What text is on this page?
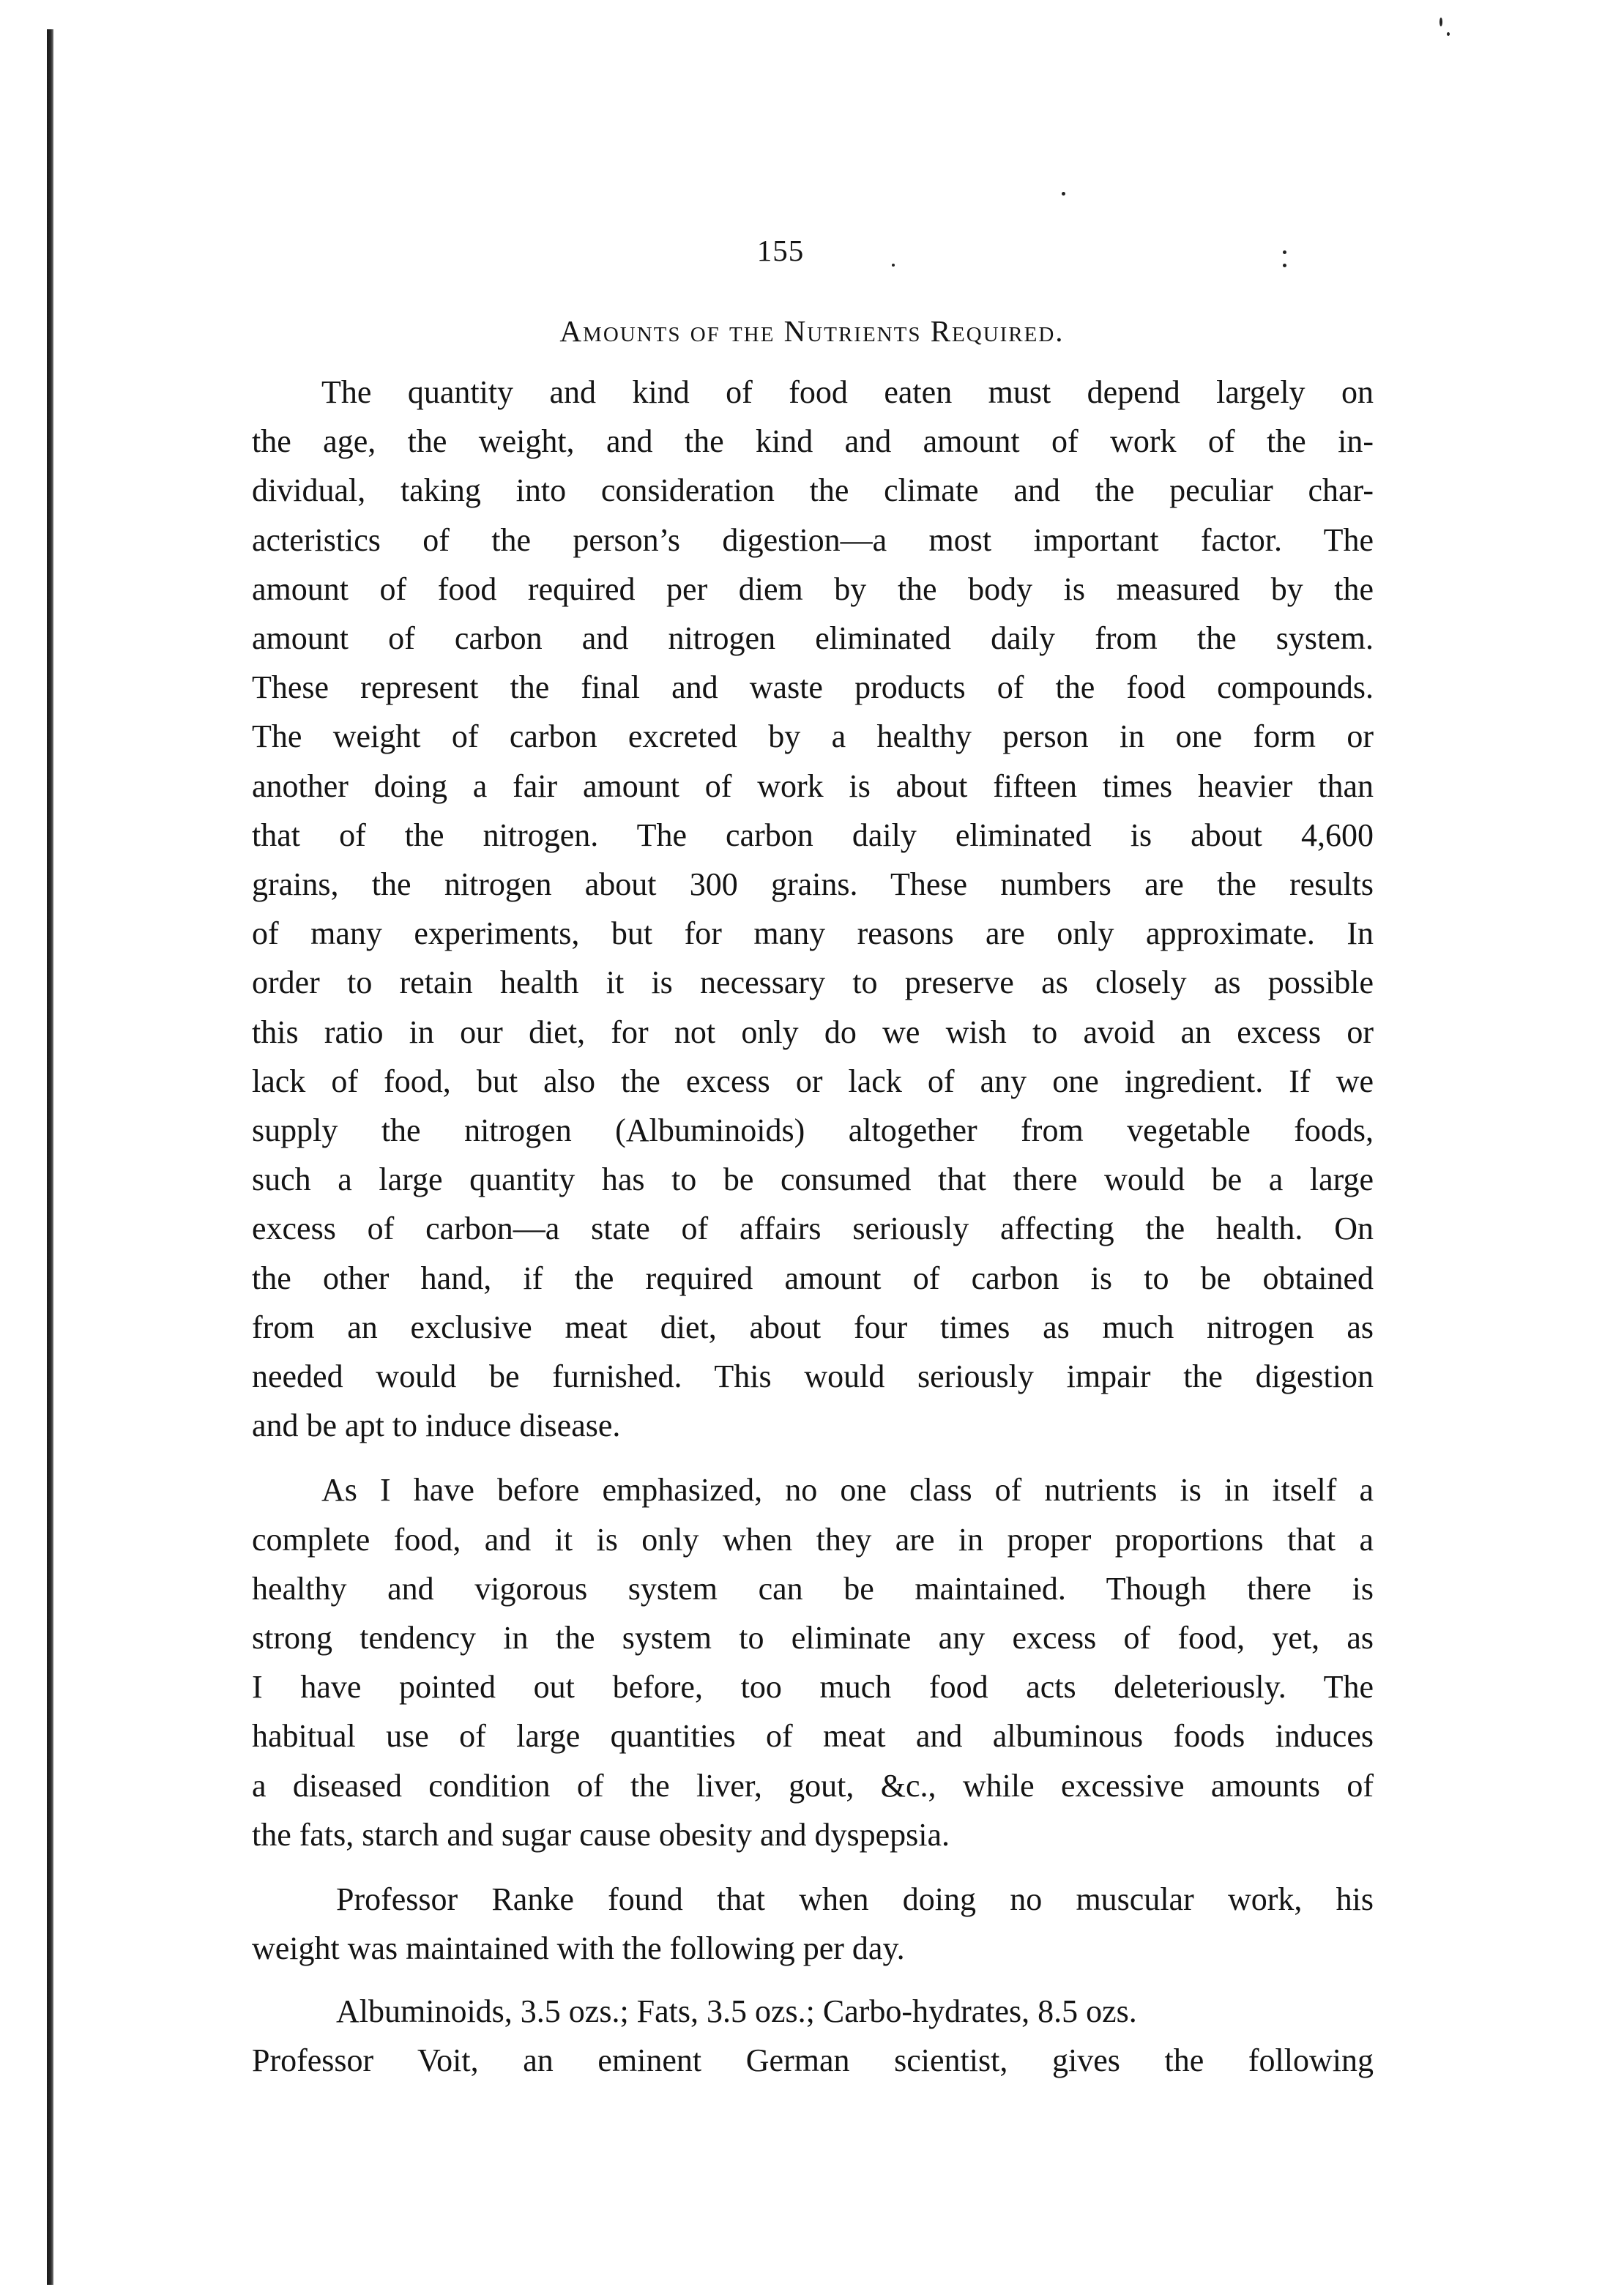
155
Amounts of the Nutrients Required.

The quantity and kind of food eaten must depend largely on

the age, the weight, and the kind and amount of work of the in-

dividual, taking into consideration the climate and the peculiar char-

acteristics of the person’s digestion—a most important factor. The

amount of food required per diem by the body is measured by the

amount of carbon and nitrogen eliminated daily from the system.

These represent the final and waste products of the food compounds.

The weight of carbon excreted by a healthy person in one form or

another doing a fair amount of work is about fifteen times heavier than

that of the nitrogen. The carbon daily eliminated is about 4,600

grains, the nitrogen about 300 grains. These numbers are the results

of many experiments, but for many reasons are only approximate. In

order to retain health it is necessary to preserve as closely as possible

this ratio in our diet, for not only do we wish to avoid an excess or

lack of food, but also the excess or lack of any one ingredient. If we

supply the nitrogen (Albuminoids) altogether from vegetable foods,

such a large quantity has to be consumed that there would be a large

excess of carbon—a state of affairs seriously affecting the health. On

the other hand, if the required amount of carbon is to be obtained

from an exclusive meat diet, about four times as much nitrogen as

needed would be furnished. This would seriously impair the digestion

and be apt to induce disease.

As I have before emphasized, no one class of nutrients is in itself a

complete food, and it is only when they are in proper proportions that a

healthy and vigorous system can be maintained. Though there is

strong tendency in the system to eliminate any excess of food, yet, as

I have pointed out before, too much food acts deleteriously. The

habitual use of large quantities of meat and albuminous foods induces

a diseased condition of the liver, gout, &c., while excessive amounts of

the fats, starch and sugar cause obesity and dyspepsia.

Professor Ranke found that when doing no muscular work, his

weight was maintained with the following per day.

Albuminoids, 3.5 ozs.; Fats, 3.5 ozs.; Carbo-hydrates, 8.5 ozs.

Professor Voit, an eminent German scientist, gives the following
